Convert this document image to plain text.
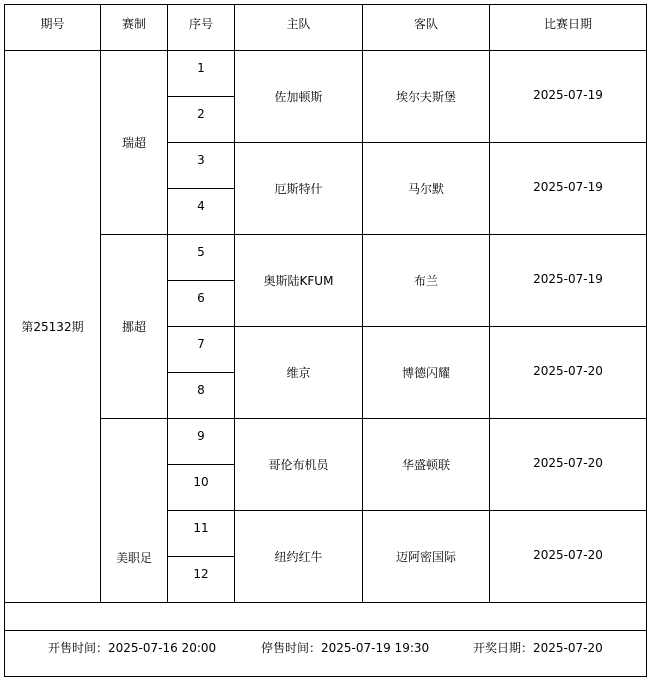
期号	赛制	序号	主队	客队	比赛日期
第25132期	瑞超	1	佐加顿斯	埃尔夫斯堡	2025-07-19
		2			
		3	厄斯特什	马尔默	2025-07-19
		4			
	挪超	5	奥斯陆KFUM	布兰	2025-07-19
		6			
		7	维京	博德闪耀	2025-07-20
		8			
	美职足	9	哥伦布机员	华盛顿联	2025-07-20
		10			
		11	纽约红牛	迈阿密国际	2025-07-20
		12			

开售时间：2025-07-16 20:00 停售时间：2025-07-19 19:30 开奖日期：2025-07-20					
